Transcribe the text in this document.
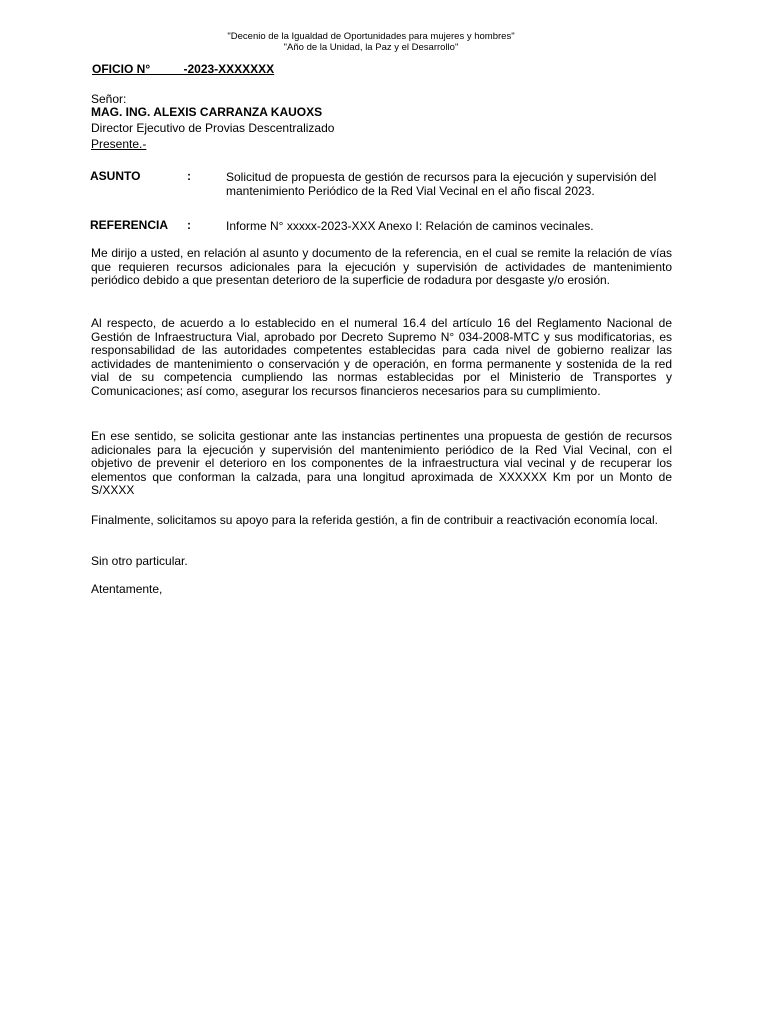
"Decenio de la Igualdad de Oportunidades para mujeres y hombres"
"Año de la Unidad, la Paz y el Desarrollo"
OFICIO N°          -2023-XXXXXXX
Señor:
MAG. ING. ALEXIS CARRANZA KAUOXS
Director Ejecutivo de Provias Descentralizado
Presente.-
ASUNTO	:	Solicitud de propuesta de gestión de recursos para la ejecución y supervisión del mantenimiento Periódico de la Red Vial Vecinal en el año fiscal 2023.
REFERENCIA :	Informe N° xxxxx-2023-XXX Anexo I: Relación de caminos vecinales.
Me dirijo a usted, en relación al asunto y documento de la referencia, en el cual se remite la relación de vías que requieren recursos adicionales para la ejecución y supervisión de actividades de mantenimiento periódico debido a que presentan deterioro de la superficie de rodadura por desgaste y/o erosión.
Al respecto, de acuerdo a lo establecido en el numeral 16.4 del artículo 16 del Reglamento Nacional de Gestión de Infraestructura Vial, aprobado por Decreto Supremo N° 034-2008-MTC y sus modificatorias, es responsabilidad de las autoridades competentes establecidas para cada nivel de gobierno realizar las actividades de mantenimiento o conservación y de operación, en forma permanente y sostenida de la red vial de su competencia cumpliendo las normas establecidas por el Ministerio de Transportes y Comunicaciones; así como, asegurar los recursos financieros necesarios para su cumplimiento.
En ese sentido, se solicita gestionar ante las instancias pertinentes una propuesta de gestión de recursos adicionales para la ejecución y supervisión del mantenimiento periódico de la Red Vial Vecinal, con el objetivo de prevenir el deterioro en los componentes de la infraestructura vial vecinal y de recuperar los elementos que conforman la calzada, para una longitud aproximada de XXXXXX Km por un Monto de S/XXXX
Finalmente, solicitamos su apoyo para la referida gestión, a fin de contribuir a reactivación economía local.
Sin otro particular.
Atentamente,
